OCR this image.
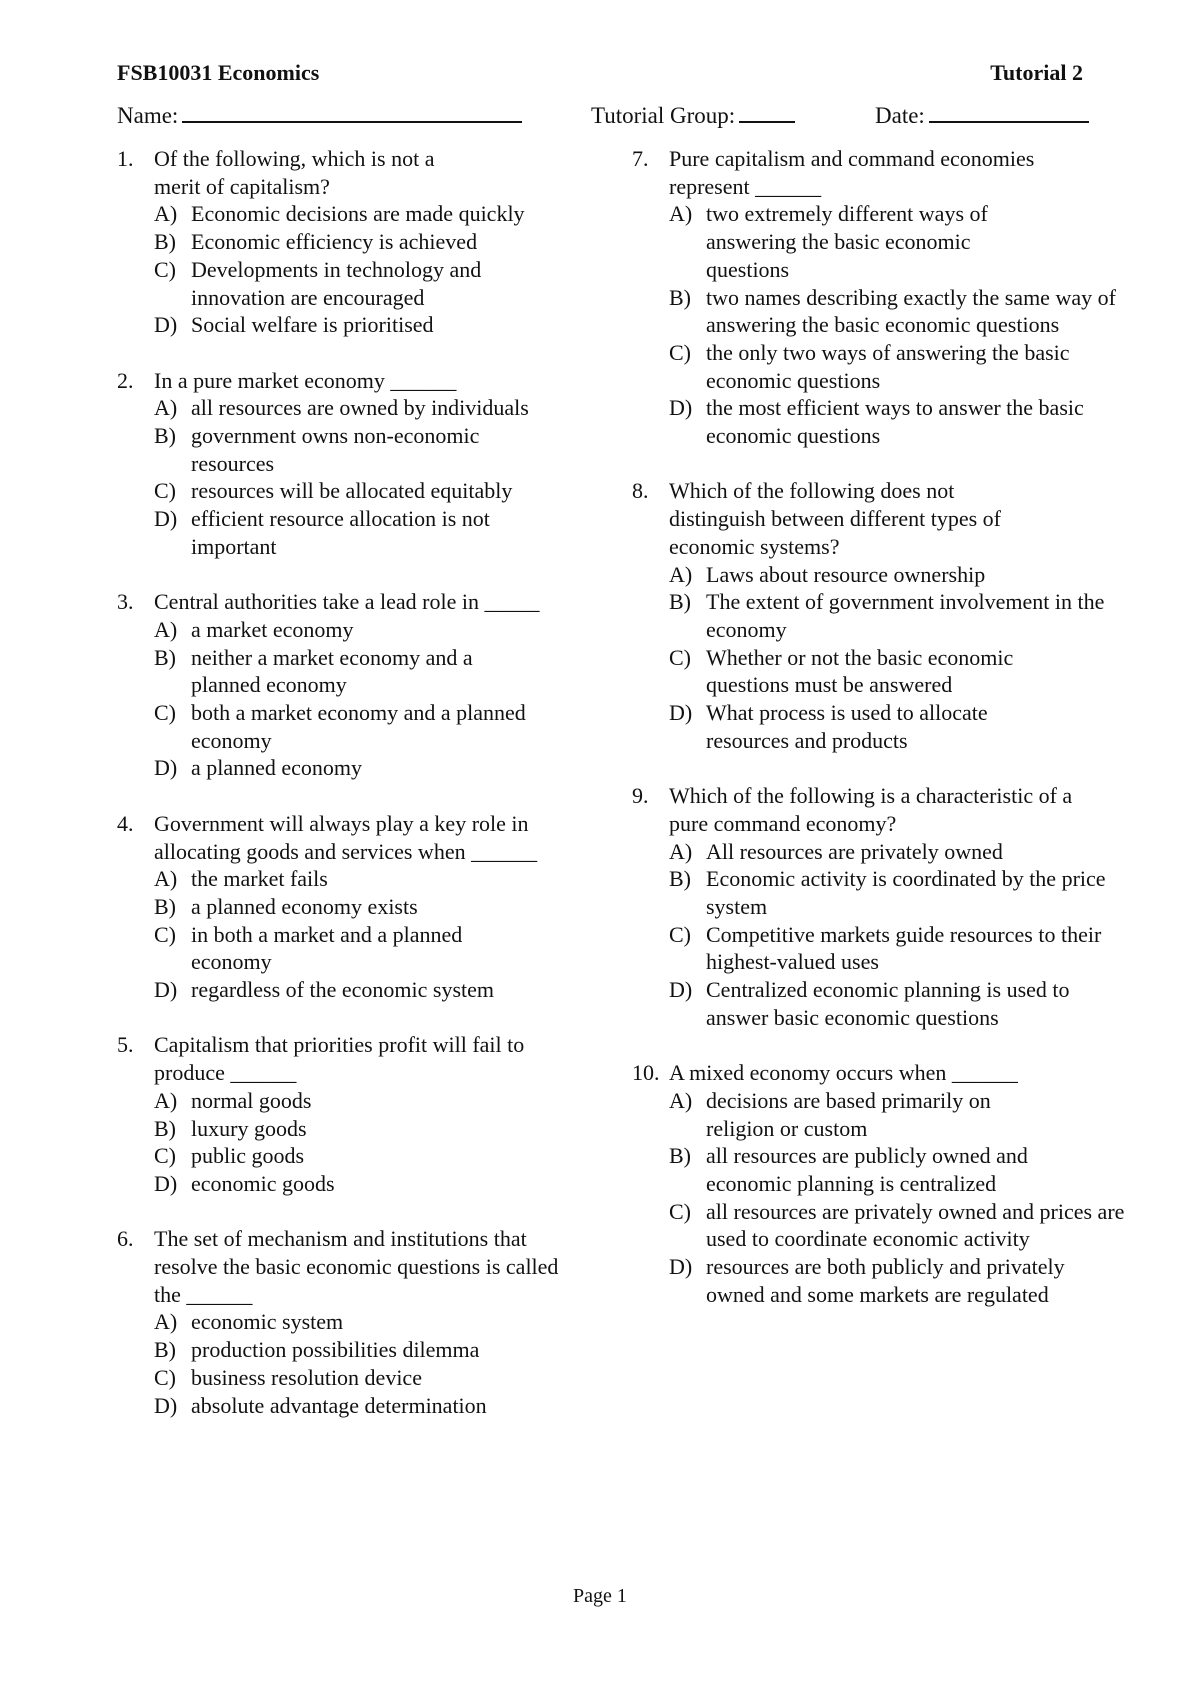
FSB10031 Economics	Tutorial 2
Name:	Tutorial Group:	Date:
1. Of the following, which is not a merit of capitalism?
A) Economic decisions are made quickly
B) Economic efficiency is achieved
C) Developments in technology and innovation are encouraged
D) Social welfare is prioritised
2. In a pure market economy ______
A) all resources are owned by individuals
B) government owns non-economic resources
C) resources will be allocated equitably
D) efficient resource allocation is not important
3. Central authorities take a lead role in _____
A) a market economy
B) neither a market economy and a planned economy
C) both a market economy and a planned economy
D) a planned economy
4. Government will always play a key role in allocating goods and services when ______
A) the market fails
B) a planned economy exists
C) in both a market and a planned economy
D) regardless of the economic system
5. Capitalism that priorities profit will fail to produce ______
A) normal goods
B) luxury goods
C) public goods
D) economic goods
6. The set of mechanism and institutions that resolve the basic economic questions is called the ______
A) economic system
B) production possibilities dilemma
C) business resolution device
D) absolute advantage determination
7. Pure capitalism and command economies represent ______
A) two extremely different ways of answering the basic economic questions
B) two names describing exactly the same way of answering the basic economic questions
C) the only two ways of answering the basic economic questions
D) the most efficient ways to answer the basic economic questions
8. Which of the following does not distinguish between different types of economic systems?
A) Laws about resource ownership
B) The extent of government involvement in the economy
C) Whether or not the basic economic questions must be answered
D) What process is used to allocate resources and products
9. Which of the following is a characteristic of a pure command economy?
A) All resources are privately owned
B) Economic activity is coordinated by the price system
C) Competitive markets guide resources to their highest-valued uses
D) Centralized economic planning is used to answer basic economic questions
10. A mixed economy occurs when ______
A) decisions are based primarily on religion or custom
B) all resources are publicly owned and economic planning is centralized
C) all resources are privately owned and prices are used to coordinate economic activity
D) resources are both publicly and privately owned and some markets are regulated
Page 1
